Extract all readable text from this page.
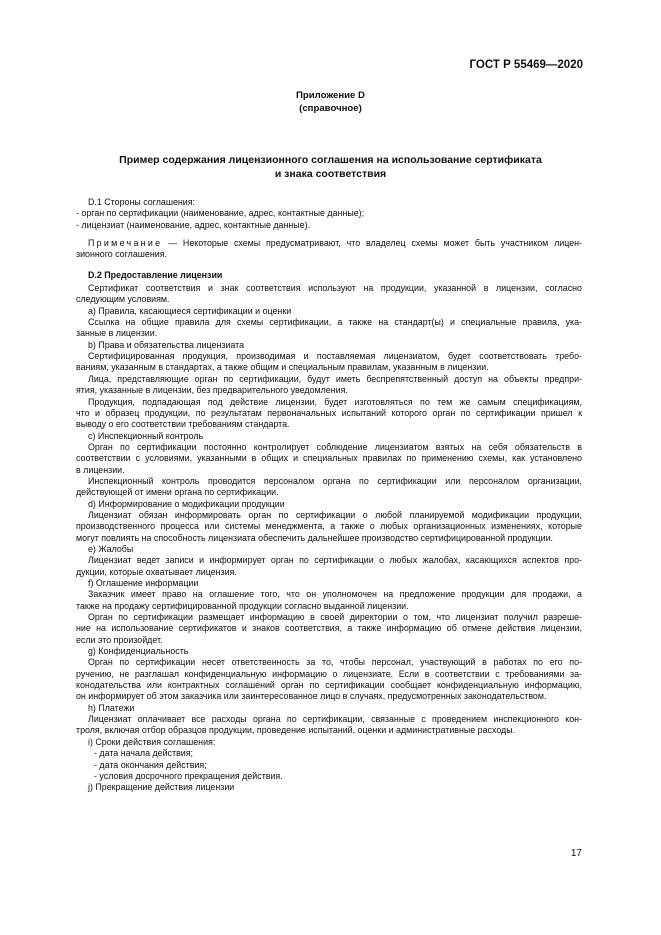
ГОСТ Р 55469—2020
Приложение D
(справочное)
Пример содержания лицензионного соглашения на использование сертификата
и знака соответствия

D.1 Стороны соглашения:

- орган по сертификации (наименование, адрес, контактные данные);

- лицензиат (наименование, адрес, контактные данные).

Примечание — Некоторые схемы предусматривают, что владелец схемы может быть участником лицен-

зионного соглашения.

D.2 Предоставление лицензии

Сертификат соответствия и знак соответствия используют на продукции, указанной в лицензии, согласно

следующим условиям.

a) Правила, касающиеся сертификации и оценки

Ссылка на общие правила для схемы сертификации, а также на стандарт(ы) и специальные правила, ука-

занные в лицензии.

b) Права и обязательства лицензиата

Сертифицированная продукция, производимая и поставляемая лицензиатом, будет соответствовать требо-

ваниям, указанным в стандартах, а также общим и специальным правилам, указанным в лицензии.

Лица, представляющие орган по сертификации, будут иметь беспрепятственный доступ на объекты предпри-

ятия, указанные в лицензии, без предварительного уведомления.

Продукция, подпадающая под действие лицензии, будет изготовляться по тем же самым спецификациям,

что и образец продукции, по результатам первоначальных испытаний которого орган по сертификации пришел к

выводу о его соответствии требованиям стандарта.

c) Инспекционный контроль

Орган по сертификации постоянно контролирует соблюдение лицензиатом взятых на себя обязательств в

соответствии с условиями, указанными в общих и специальных правилах по применению схемы, как установлено

в лицензии.

Инспекционный контроль проводится персоналом органа по сертификации или персоналом организации,

действующей от имени органа по сертификации.

d) Информирование о модификации продукции

Лицензиат обязан информировать орган по сертификации о любой планируемой модификации продукции,

производственного процесса или системы менеджмента, а также о любых организационных изменениях, которые

могут повлиять на способность лицензиата обеспечить дальнейшее производство сертифицированной продукции.

e) Жалобы

Лицензиат ведет записи и информирует орган по сертификации о любых жалобах, касающихся аспектов про-

дукции, которые охватывает лицензия.

f) Оглашение информации

Заказчик имеет право на оглашение того, что он уполномочен на предложение продукции для продажи, а

также на продажу сертифицированной продукции согласно выданной лицензии.

Орган по сертификации размещает информацию в своей директории о том, что лицензиат получил разреше-

ние на использование сертификатов и знаков соответствия, а также информацию об отмене действия лицензии,

если это произойдет.

g) Конфиденциальность

Орган по сертификации несет ответственность за то, чтобы персонал, участвующий в работах по его по-

ручению, не разглашал конфиденциальную информацию о лицензиате. Если в соответствии с требованиями за-

конодательства или контрактных соглашений орган по сертификации сообщает конфиденциальную информацию,

он информирует об этом заказчика или заинтересованное лицо в случаях, предусмотренных законодательством.

h) Платежи

Лицензиат оплачивает все расходы органа по сертификации, связанные с проведением инспекционного кон-

троля, включая отбор образцов продукции, проведение испытаний, оценки и административные расходы.

i) Сроки действия соглашения:

- дата начала действия;

- дата окончания действия;

- условия досрочного прекращения действия.

j) Прекращение действия лицензии

17
